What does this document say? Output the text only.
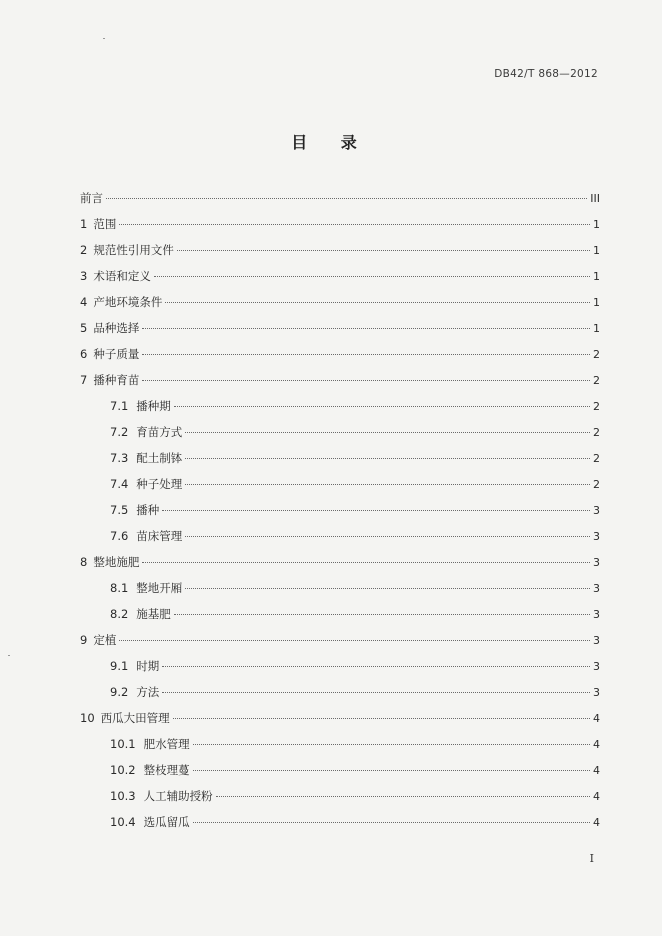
DB42/T 868—2012
目 录
前言	III
1 范围	1
2 规范性引用文件	1
3 术语和定义	1
4 产地环境条件	1
5 品种选择	1
6 种子质量	2
7 播种育苗	2
7.1 播种期	2
7.2 育苗方式	2
7.3 配土制钵	2
7.4 种子处理	2
7.5 播种	3
7.6 苗床管理	3
8 整地施肥	3
8.1 整地开厢	3
8.2 施基肥	3
9 定植	3
9.1 时期	3
9.2 方法	3
10 西瓜大田管理	4
10.1 肥水管理	4
10.2 整枝理蔓	4
10.3 人工辅助授粉	4
10.4 选瓜留瓜	4
I
